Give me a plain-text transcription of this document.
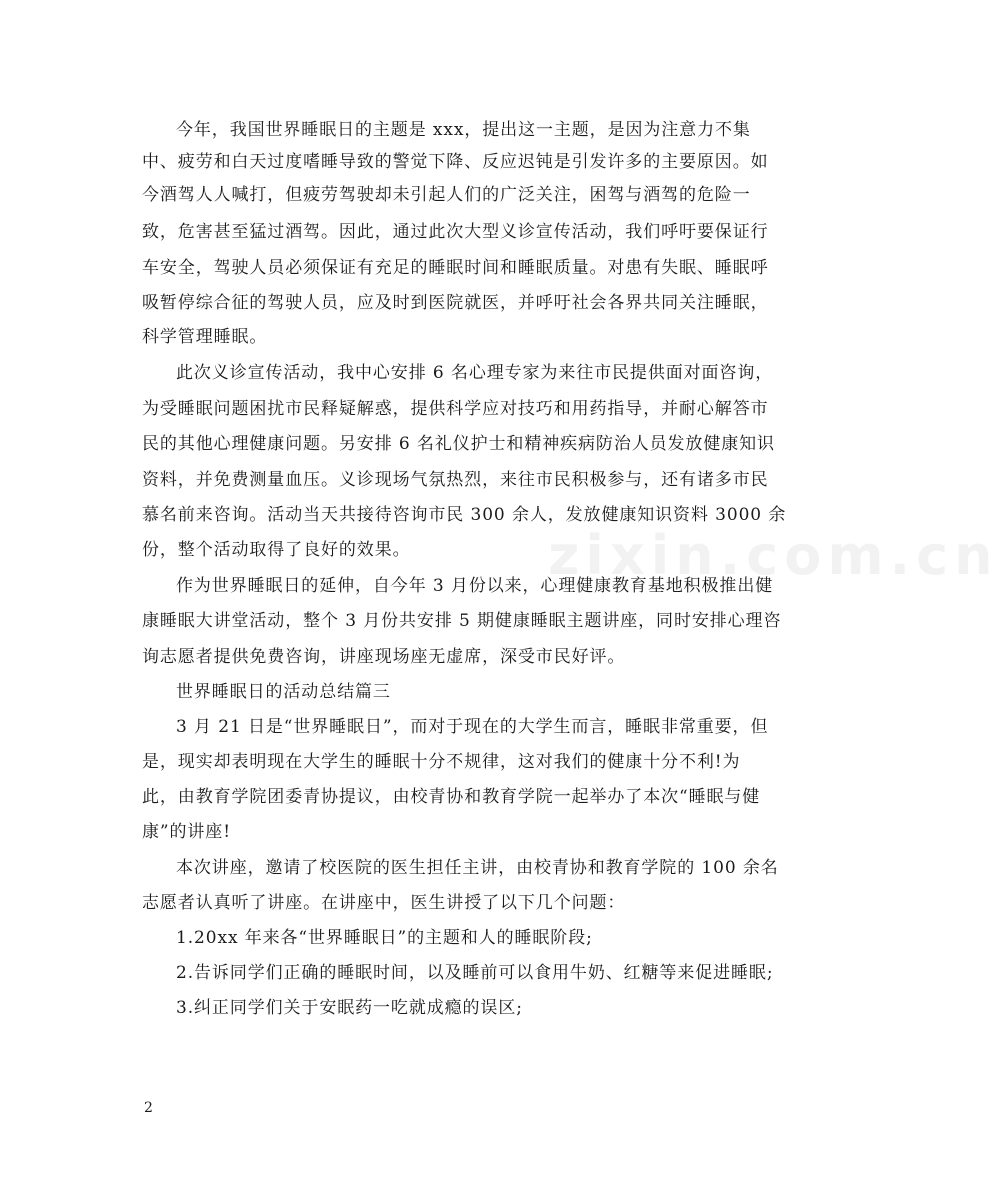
zixin.com.cn
今年，我国世界睡眠日的主题是 xxx，提出这一主题，是因为注意力不集
中、疲劳和白天过度嗜睡导致的警觉下降、反应迟钝是引发许多的主要原因。如
今酒驾人人喊打，但疲劳驾驶却未引起人们的广泛关注，困驾与酒驾的危险一
致，危害甚至猛过酒驾。因此，通过此次大型义诊宣传活动，我们呼吁要保证行
车安全，驾驶人员必须保证有充足的睡眠时间和睡眠质量。对患有失眠、睡眠呼
吸暂停综合征的驾驶人员，应及时到医院就医，并呼吁社会各界共同关注睡眠，
科学管理睡眠。
此次义诊宣传活动，我中心安排 6 名心理专家为来往市民提供面对面咨询，
为受睡眠问题困扰市民释疑解惑，提供科学应对技巧和用药指导，并耐心解答市
民的其他心理健康问题。另安排 6 名礼仪护士和精神疾病防治人员发放健康知识
资料，并免费测量血压。义诊现场气氛热烈，来往市民积极参与，还有诸多市民
慕名前来咨询。活动当天共接待咨询市民 300 余人，发放健康知识资料 3000 余
份，整个活动取得了良好的效果。
作为世界睡眠日的延伸，自今年 3 月份以来，心理健康教育基地积极推出健
康睡眠大讲堂活动，整个 3 月份共安排 5 期健康睡眠主题讲座，同时安排心理咨
询志愿者提供免费咨询，讲座现场座无虚席，深受市民好评。
世界睡眠日的活动总结篇三
3 月 21 日是“世界睡眠日”，而对于现在的大学生而言，睡眠非常重要，但
是，现实却表明现在大学生的睡眠十分不规律，这对我们的健康十分不利!为
此，由教育学院团委青协提议，由校青协和教育学院一起举办了本次“睡眠与健
康”的讲座!
本次讲座，邀请了校医院的医生担任主讲，由校青协和教育学院的 100 余名
志愿者认真听了讲座。在讲座中，医生讲授了以下几个问题：
1.20xx 年来各“世界睡眠日”的主题和人的睡眠阶段;
2.告诉同学们正确的睡眠时间，以及睡前可以食用牛奶、红糖等来促进睡眠;
3.纠正同学们关于安眠药一吃就成瘾的误区;
2
